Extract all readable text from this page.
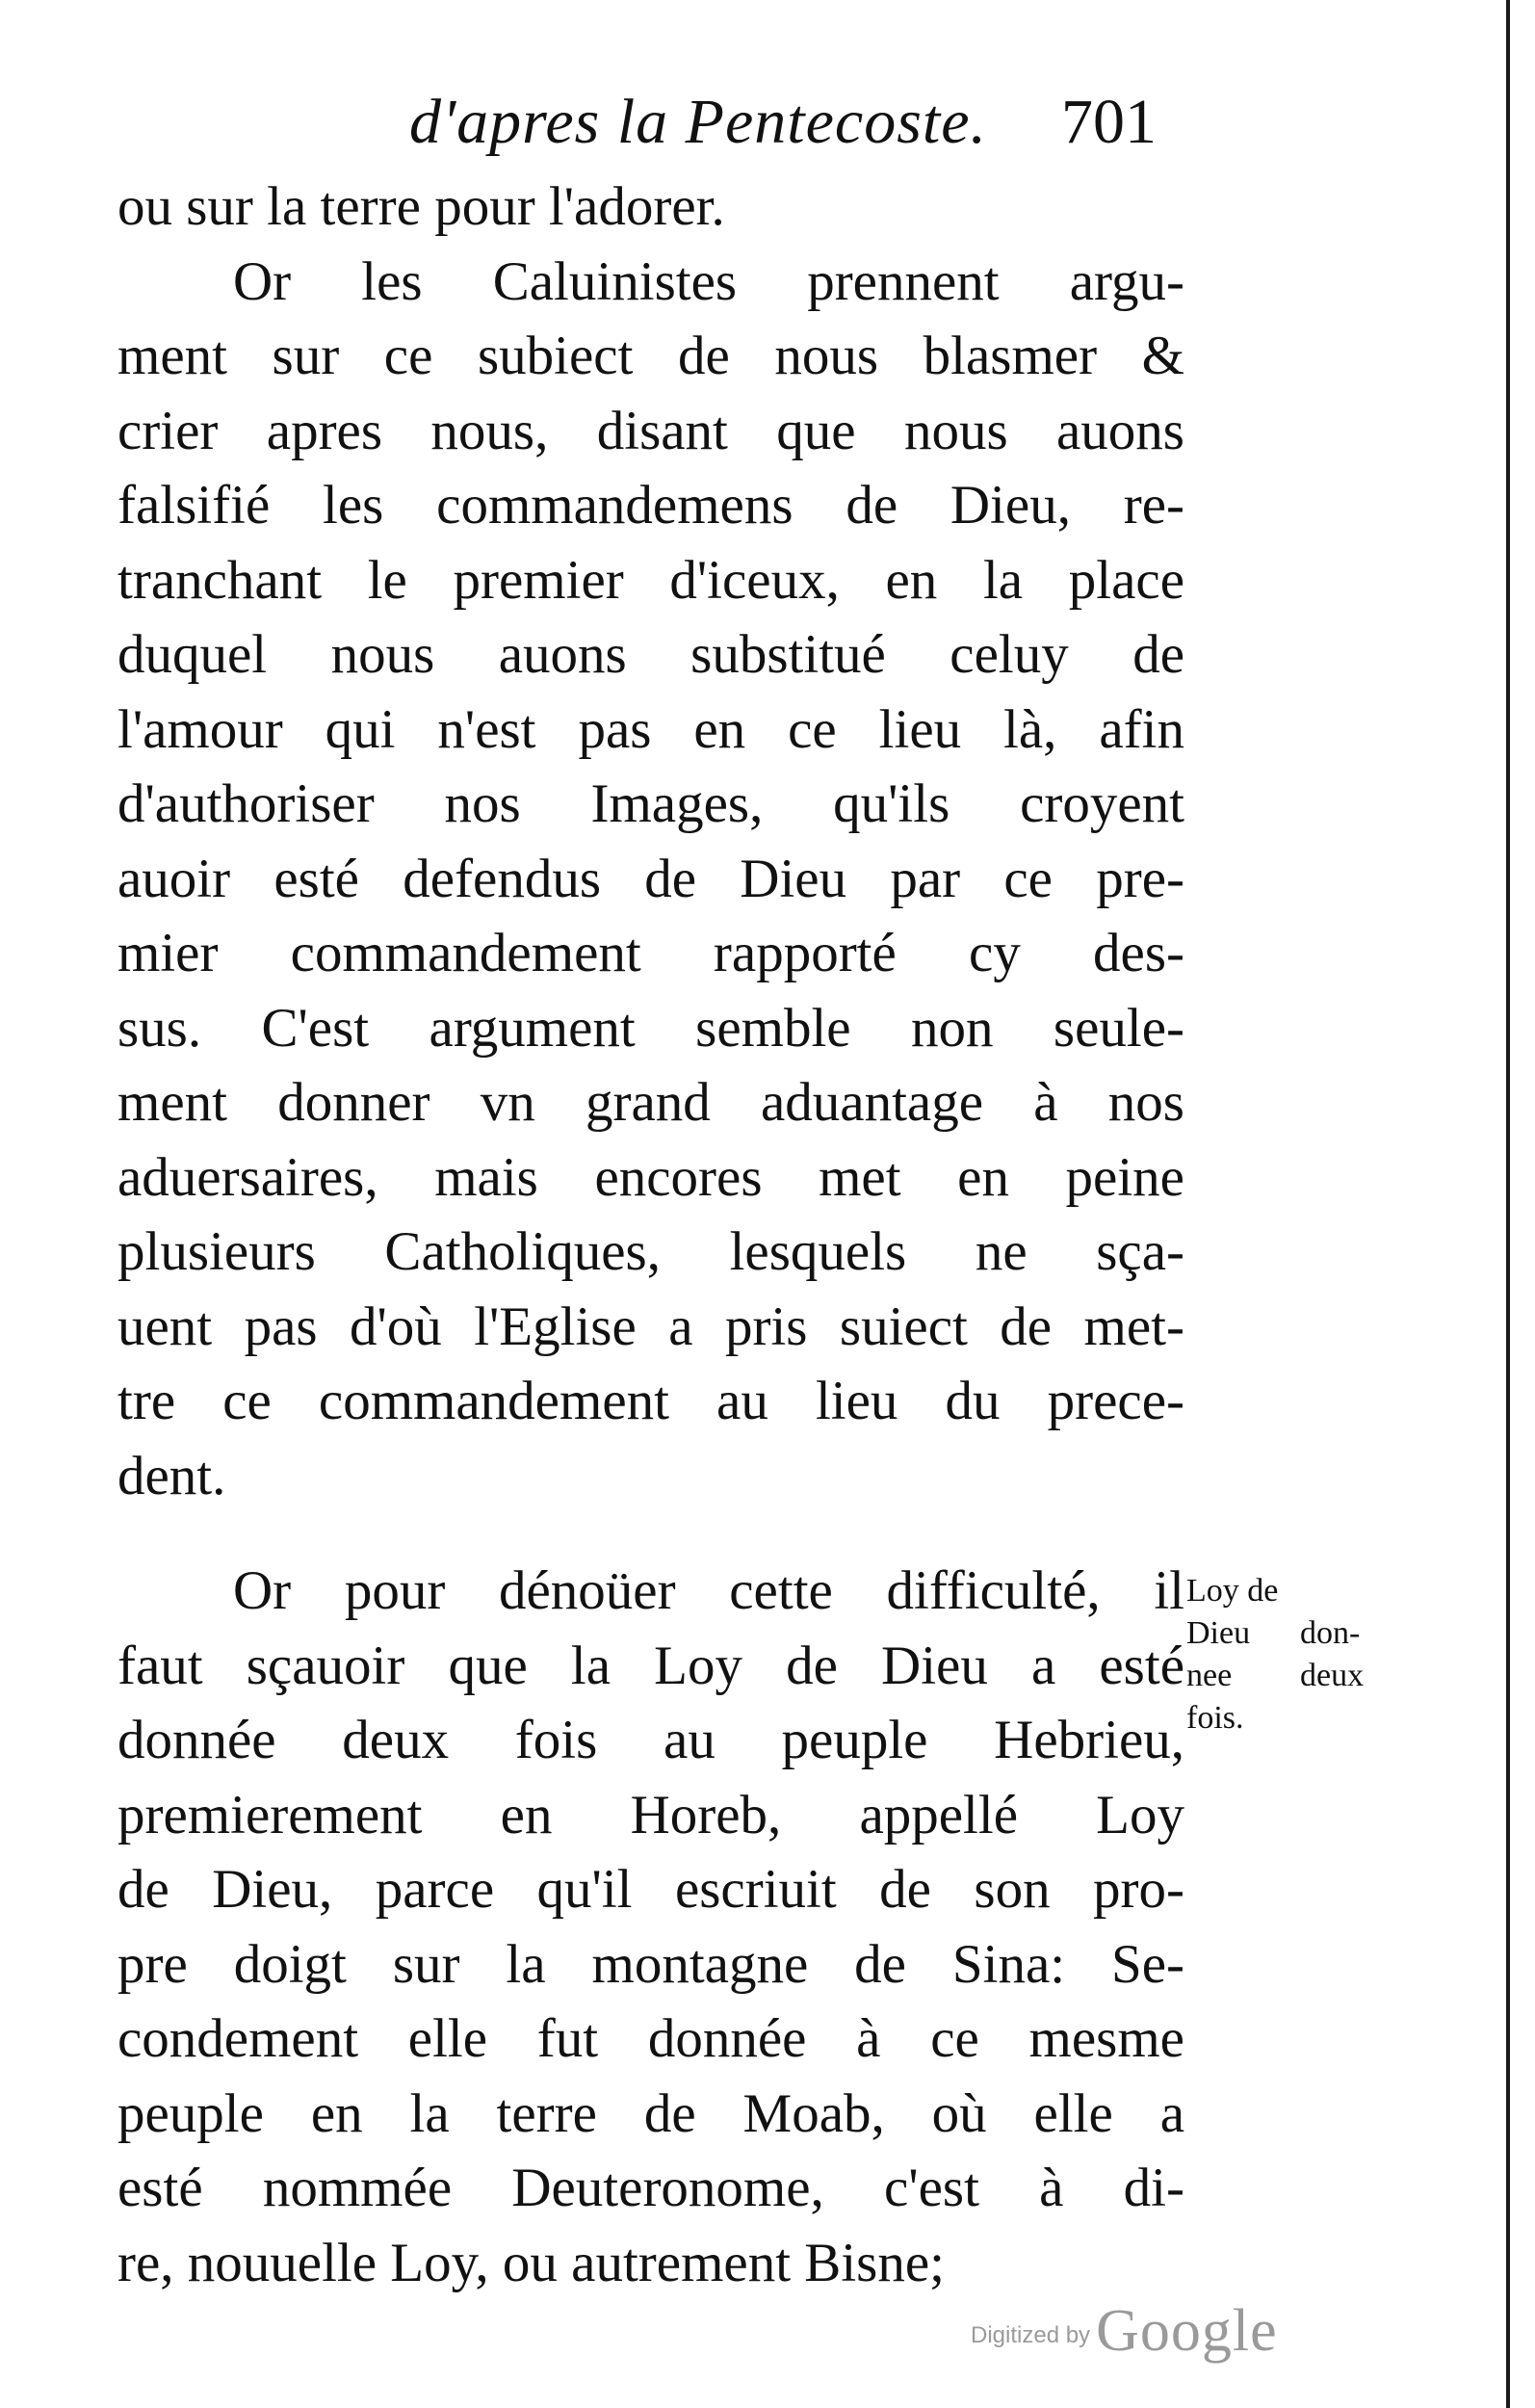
d'apres la Pentecoste. 701
ou sur la terre pour l'adorer.
Or les Caluinistes prennent argu-
ment sur ce subiect de nous blasmer &
crier apres nous, disant que nous auons
falsifié les commandemens de Dieu, re-
tranchant le premier d'iceux, en la place
duquel nous auons substitué celuy de
l'amour qui n'est pas en ce lieu là, afin
d'authoriser nos Images, qu'ils croyent
auoir esté defendus de Dieu par ce pre-
mier commandement rapporté cy des-
sus. C'est argument semble non seule-
ment donner vn grand aduantage à nos
aduersaires, mais encores met en peine
plusieurs Catholiques, lesquels ne sça-
uent pas d'où l'Eglise a pris suiect de met-
tre ce commandement au lieu du prece-
dent.
Or pour dénoüer cette difficulté, il
faut sçauoir que la Loy de Dieu a esté
donnée deux fois au peuple Hebrieu,
premierement en Horeb, appellé Loy
de Dieu, parce qu'il escriuit de son pro-
pre doigt sur la montagne de Sina: Se-
condement elle fut donnée à ce mesme
peuple en la terre de Moab, où elle a
esté nommée Deuteronome, c'est à di-
re, nouuelle Loy, ou autrement Bisne;
Loy de
Dieu don-
nee deux
fois.
Digitized byGoogle
